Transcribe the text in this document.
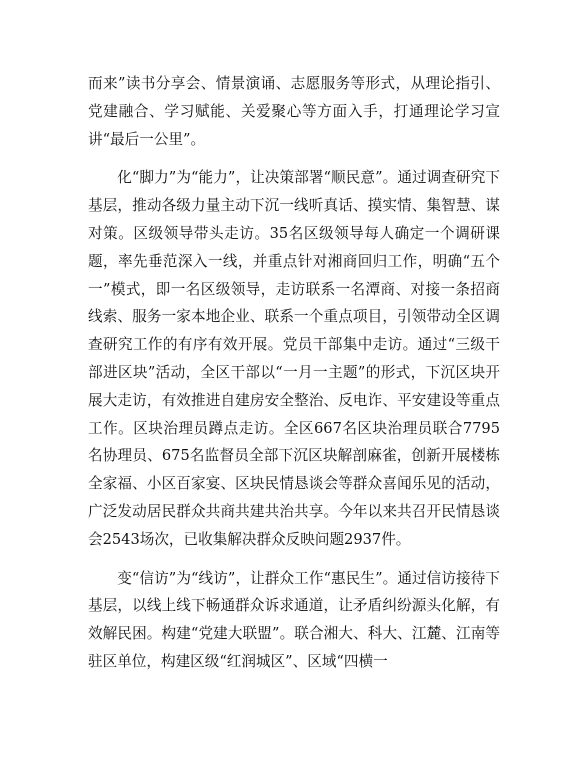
而来”读书分享会、情景演诵、志愿服务等形式，从理论指引、党建融合、学习赋能、关爱聚心等方面入手，打通理论学习宣讲“最后一公里”。

化“脚力”为“能力”，让决策部署“顺民意”。通过调查研究下基层，推动各级力量主动下沉一线听真话、摸实情、集智慧、谋对策。区级领导带头走访。35名区级领导每人确定一个调研课题，率先垂范深入一线，并重点针对湘商回归工作，明确“五个一”模式，即一名区级领导，走访联系一名潭商、对接一条招商线索、服务一家本地企业、联系一个重点项目，引领带动全区调查研究工作的有序有效开展。党员干部集中走访。通过“三级干部进区块”活动，全区干部以“一月一主题”的形式，下沉区块开展大走访，有效推进自建房安全整治、反电诈、平安建设等重点工作。区块治理员蹲点走访。全区667名区块治理员联合7795名协理员、675名监督员全部下沉区块解剖麻雀，创新开展楼栋全家福、小区百家宴、区块民情恳谈会等群众喜闻乐见的活动，广泛发动居民群众共商共建共治共享。今年以来共召开民情恳谈会2543场次，已收集解决群众反映问题2937件。

变“信访”为“线访”，让群众工作“惠民生”。通过信访接待下基层，以线上线下畅通群众诉求通道，让矛盾纠纷源头化解，有效解民困。构建“党建大联盟”。联合湘大、科大、江麓、江南等驻区单位，构建区级“红润城区”、区域“四横一
